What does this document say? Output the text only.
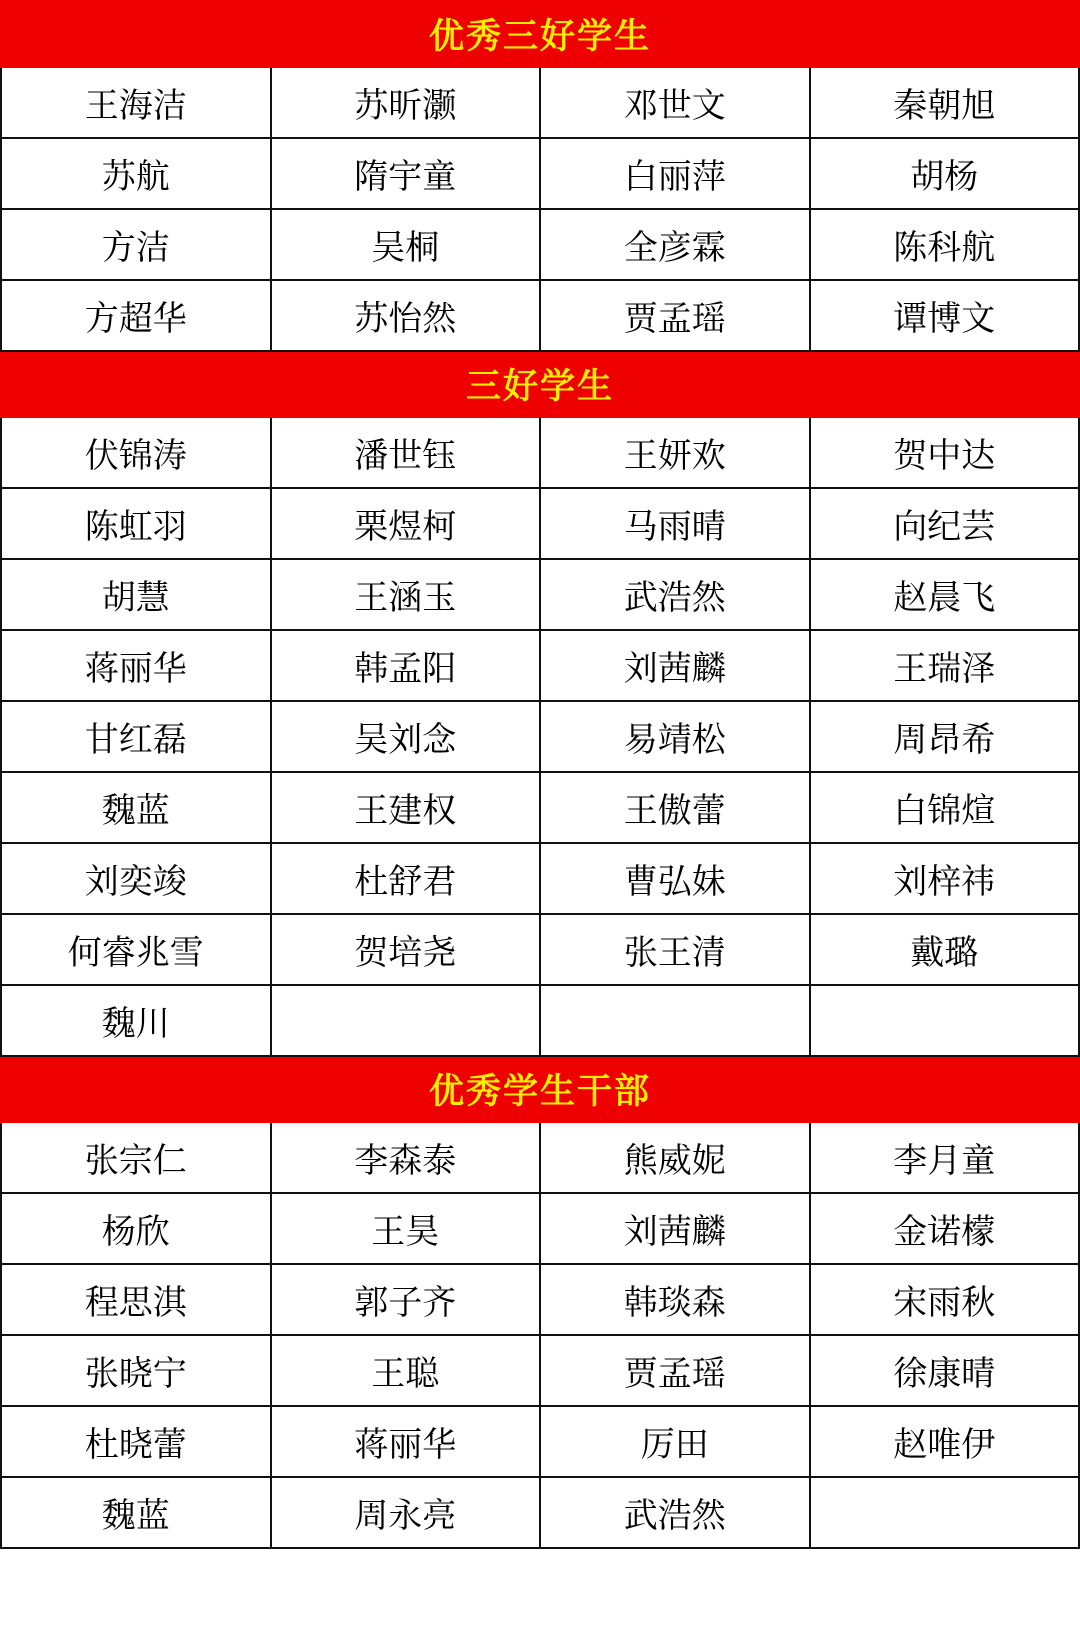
优秀三好学生			
王海洁	苏昕灏	邓世文	秦朝旭
苏航	隋宇童	白丽萍	胡杨
方洁	吴桐	全彦霖	陈科航
方超华	苏怡然	贾孟瑶	谭博文
三好学生			
伏锦涛	潘世钰	王妍欢	贺中达
陈虹羽	栗煜柯	马雨晴	向纪芸
胡慧	王涵玉	武浩然	赵晨飞
蒋丽华	韩孟阳	刘茜麟	王瑞泽
甘红磊	吴刘念	易靖松	周昂希
魏蓝	王建权	王傲蕾	白锦煊
刘奕竣	杜舒君	曹弘妹	刘梓祎
何睿兆雪	贺培尧	张王清	戴璐
魏川			
优秀学生干部			
张宗仁	李森泰	熊威妮	李月童
杨欣	王昊	刘茜麟	金诺檬
程思淇	郭子齐	韩琰森	宋雨秋
张晓宁	王聪	贾孟瑶	徐康晴
杜晓蕾	蒋丽华	厉田	赵唯伊
魏蓝	周永亮	武浩然	
